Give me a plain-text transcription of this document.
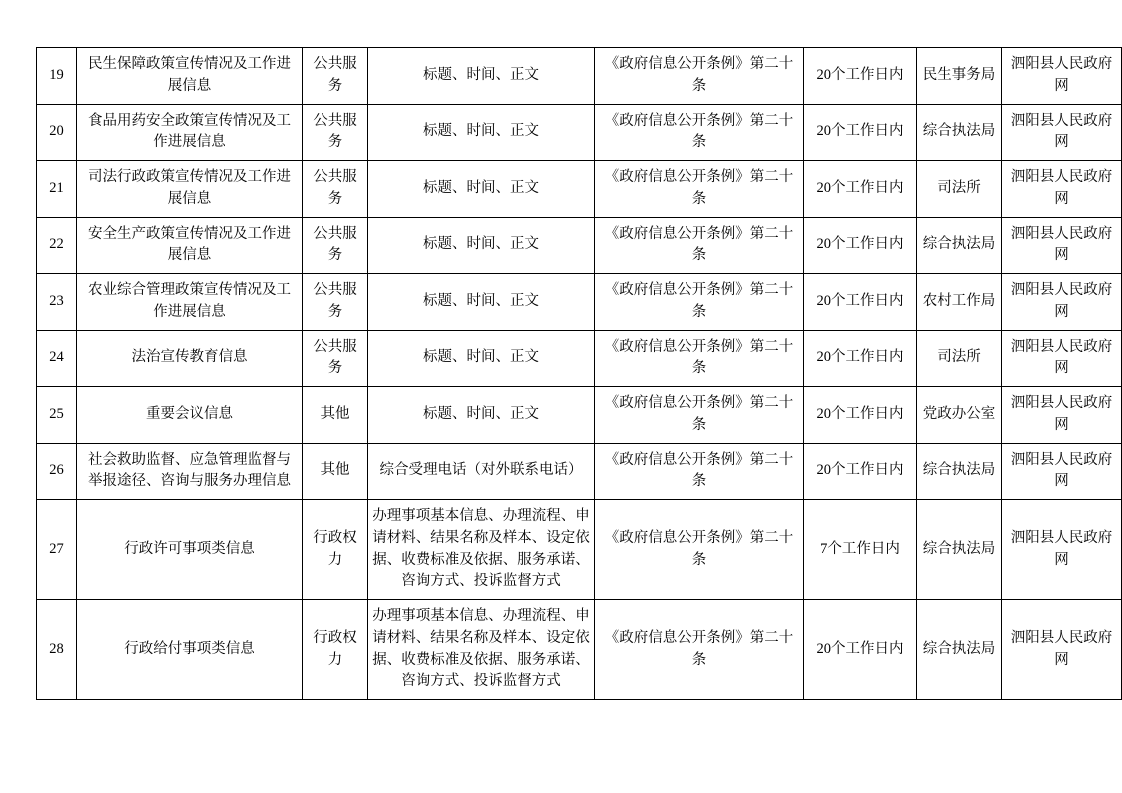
19	民生保障政策宣传情况及工作进展信息	公共服务	标题、时间、正文	《政府信息公开条例》第二十条	20个工作日内	民生事务局	泗阳县人民政府网
20	食品用药安全政策宣传情况及工作进展信息	公共服务	标题、时间、正文	《政府信息公开条例》第二十条	20个工作日内	综合执法局	泗阳县人民政府网
21	司法行政政策宣传情况及工作进展信息	公共服务	标题、时间、正文	《政府信息公开条例》第二十条	20个工作日内	司法所	泗阳县人民政府网
22	安全生产政策宣传情况及工作进展信息	公共服务	标题、时间、正文	《政府信息公开条例》第二十条	20个工作日内	综合执法局	泗阳县人民政府网
23	农业综合管理政策宣传情况及工作进展信息	公共服务	标题、时间、正文	《政府信息公开条例》第二十条	20个工作日内	农村工作局	泗阳县人民政府网
24	法治宣传教育信息	公共服务	标题、时间、正文	《政府信息公开条例》第二十条	20个工作日内	司法所	泗阳县人民政府网
25	重要会议信息	其他	标题、时间、正文	《政府信息公开条例》第二十条	20个工作日内	党政办公室	泗阳县人民政府网
26	社会救助监督、应急管理监督与举报途径、咨询与服务办理信息	其他	综合受理电话（对外联系电话）	《政府信息公开条例》第二十条	20个工作日内	综合执法局	泗阳县人民政府网
27	行政许可事项类信息	行政权力	办理事项基本信息、办理流程、申请材料、结果名称及样本、设定依据、收费标准及依据、服务承诺、咨询方式、投诉监督方式	《政府信息公开条例》第二十条	7个工作日内	综合执法局	泗阳县人民政府网
28	行政给付事项类信息	行政权力	办理事项基本信息、办理流程、申请材料、结果名称及样本、设定依据、收费标准及依据、服务承诺、咨询方式、投诉监督方式	《政府信息公开条例》第二十条	20个工作日内	综合执法局	泗阳县人民政府网
